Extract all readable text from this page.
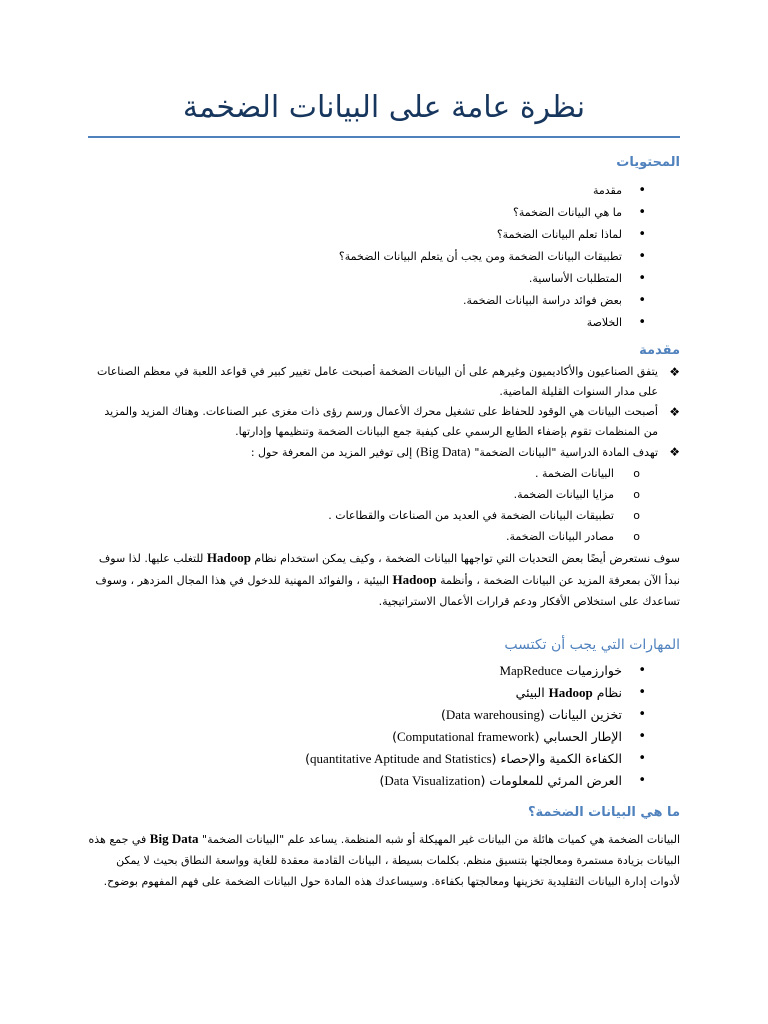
نظرة عامة على البيانات الضخمة
المحتويات
• مقدمة
• ما هي البيانات الضخمة؟
• لماذا تعلم البيانات الضخمة؟
• تطبيقات البيانات الضخمة ومن يجب أن يتعلم البيانات الضخمة؟
• المتطلبات الأساسية.
• بعض فوائد دراسة البيانات الضخمة.
• الخلاصة
مقدمة
❖
يتفق الصناعيون والأكاديميون وغيرهم على أن البيانات الضخمة أصبحت عامل تغيير كبير في قواعد اللعبة في معظم الصناعات على مدار السنوات القليلة الماضية.
❖
أصبحت البيانات هي الوقود للحفاظ على تشغيل محرك الأعمال ورسم رؤى ذات مغزى عبر الصناعات. وهناك المزيد والمزيد من المنظمات تقوم بإضفاء الطابع الرسمي على كيفية جمع البيانات الضخمة وتنظيمها وإدارتها.
❖
تهدف المادة الدراسية "البيانات الضخمة" (Big Data) إلى توفير المزيد من المعرفة حول :
o البيانات الضخمة .
o مزايا البيانات الضخمة.
o تطبيقات البيانات الضخمة في العديد من الصناعات والقطاعات .
o مصادر البيانات الضخمة.

سوف نستعرض أيضًا بعض التحديات التي تواجهها البيانات الضخمة ، وكيف يمكن استخدام نظام Hadoop للتغلب عليها. لذا سوف نبدأ الآن بمعرفة المزيد عن البيانات الضخمة ، وأنظمة Hadoop البيئية ، والفوائد المهنية للدخول في هذا المجال المزدهر ، وسوف تساعدك على استخلاص الأفكار ودعم قرارات الأعمال الاستراتيجية.

المهارات التي يجب أن تكتسب
• خوارزميات MapReduce
• نظام Hadoop البيئي
• تخزين البيانات (Data warehousing)
• الإطار الحسابي (Computational framework)
• الكفاءة الكمية والإحصاء (quantitative Aptitude and Statistics)
• العرض المرئي للمعلومات (Data Visualization)
ما هي البيانات الضخمة؟

البيانات الضخمة هي كميات هائلة من البيانات غير المهيكلة أو شبه المنظمة. يساعد علم "البيانات الضخمة" Big Data في جمع هذه البيانات بزيادة مستمرة ومعالجتها بتنسيق منظم. بكلمات بسيطة ، البيانات القادمة معقدة للغاية وواسعة النطاق بحيث لا يمكن لأدوات إدارة البيانات التقليدية تخزينها ومعالجتها بكفاءة. وسيساعدك هذه المادة حول البيانات الضخمة على فهم المفهوم بوضوح.
